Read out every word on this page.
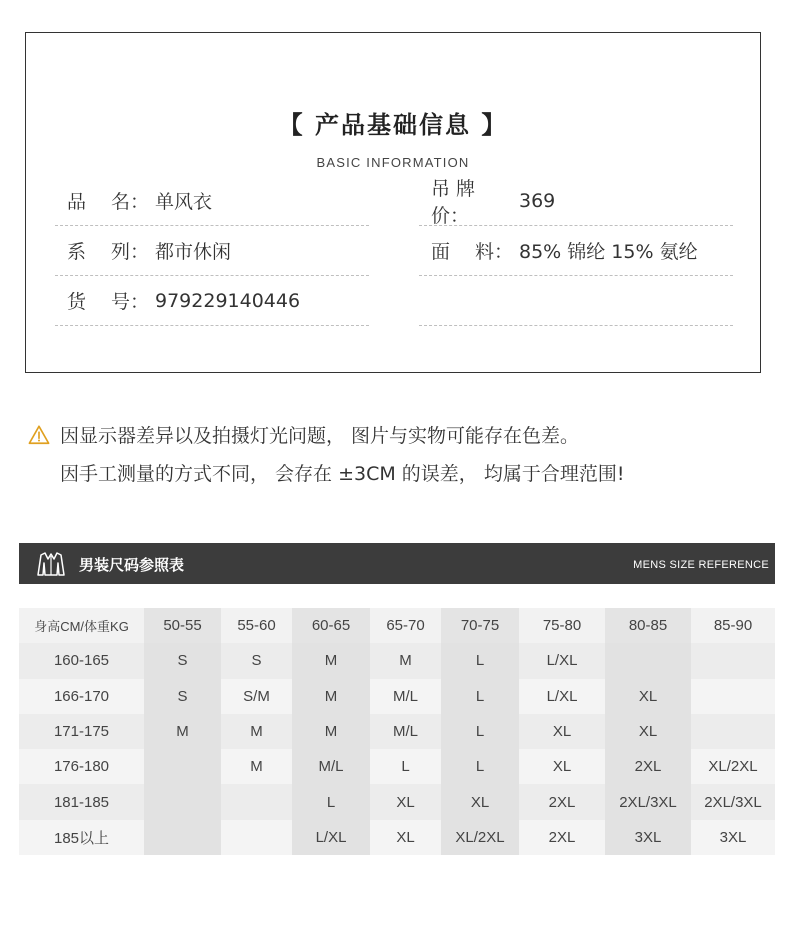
【 产品基础信息 】
BASIC INFORMATION
品　 名： 单风衣
系　 列： 都市休闲
货　 号： 979229140446
吊 牌 价：
369
面　 料： 85% 锦纶 15% 氨纶
因显示器差异以及拍摄灯光问题， 图片与实物可能存在色差。
因手工测量的方式不同， 会存在 ±3CM 的误差， 均属于合理范围!
男装尺码参照表	MENS SIZE REFERENCE
身高CM/体重KG	50-55	55-60	60-65	65-70	70-75	75-80	80-85	85-90
160-165	S	S	M	M	L	L/XL		
166-170	S	S/M	M	M/L	L	L/XL	XL	
171-175	M	M	M	M/L	L	XL	XL	
176-180		M	M/L	L	L	XL	2XL	XL/2XL
181-185			L	XL	XL	2XL	2XL/3XL	2XL/3XL
185以上			L/XL	XL	XL/2XL	2XL	3XL	3XL
